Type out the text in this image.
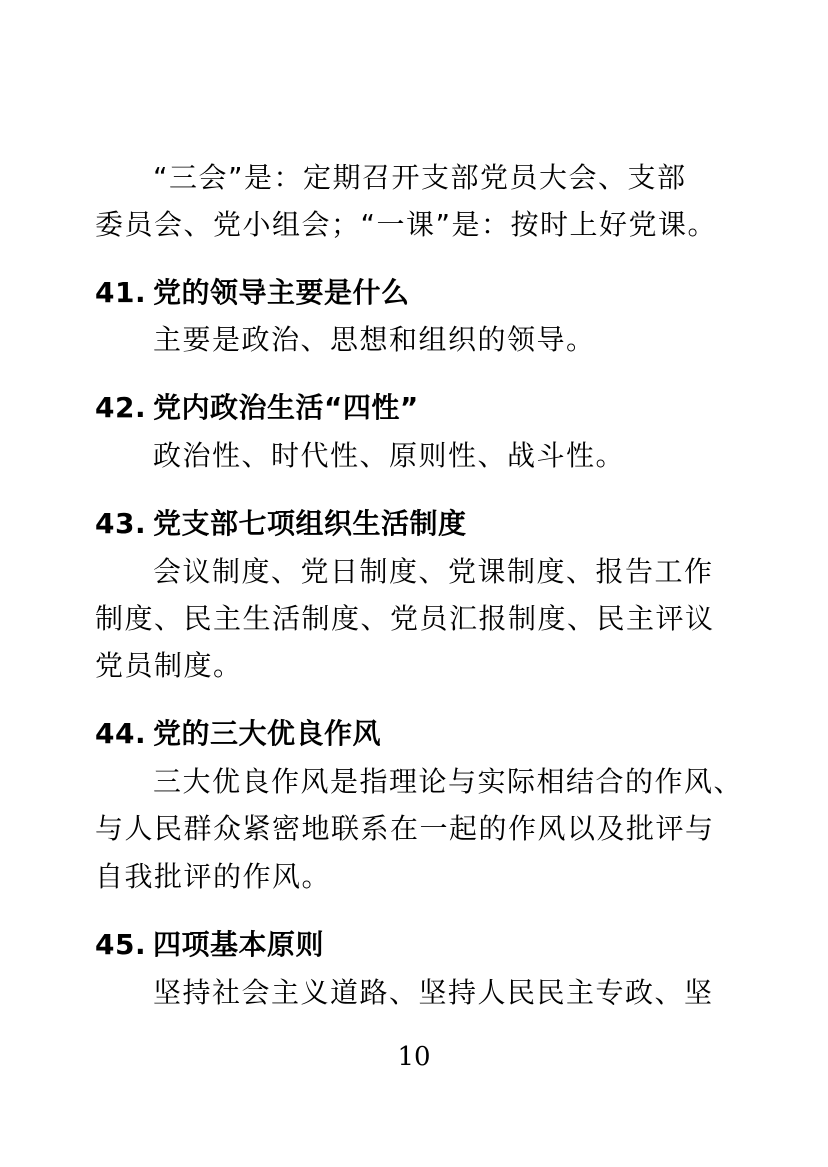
“三会”是：定期召开支部党员大会、支部
委员会、党小组会；“一课”是：按时上好党课。
41. 党的领导主要是什么
主要是政治、思想和组织的领导。
42. 党内政治生活“四性”
政治性、时代性、原则性、战斗性。
43. 党支部七项组织生活制度
会议制度、党日制度、党课制度、报告工作
制度、民主生活制度、党员汇报制度、民主评议
党员制度。
44. 党的三大优良作风
三大优良作风是指理论与实际相结合的作风、
与人民群众紧密地联系在一起的作风以及批评与
自我批评的作风。
45. 四项基本原则
坚持社会主义道路、坚持人民民主专政、坚
10
